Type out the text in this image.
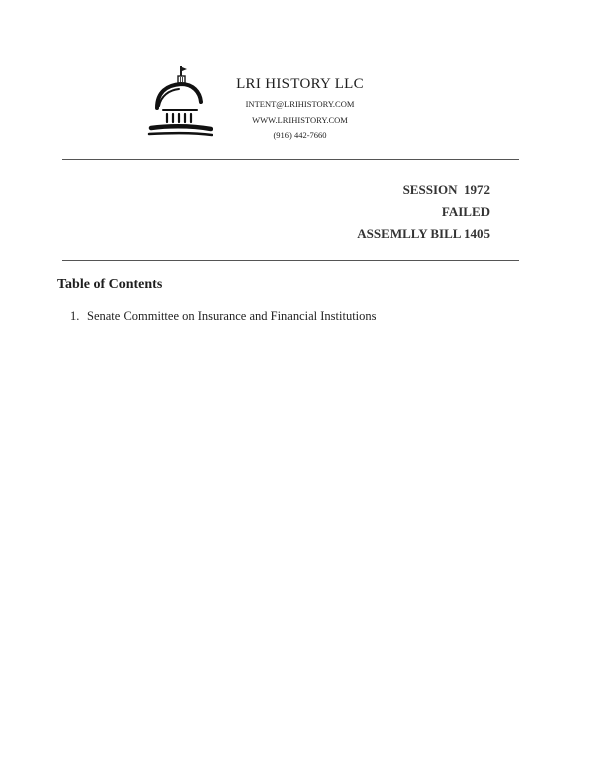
LRI HISTORY LLC
INTENT@LRIHISTORY.COM
WWW.LRIHISTORY.COM
(916) 442-7660
SESSION  1972
FAILED
ASSEMLLY BILL 1405
Table of Contents
1. Senate Committee on Insurance and Financial Institutions
